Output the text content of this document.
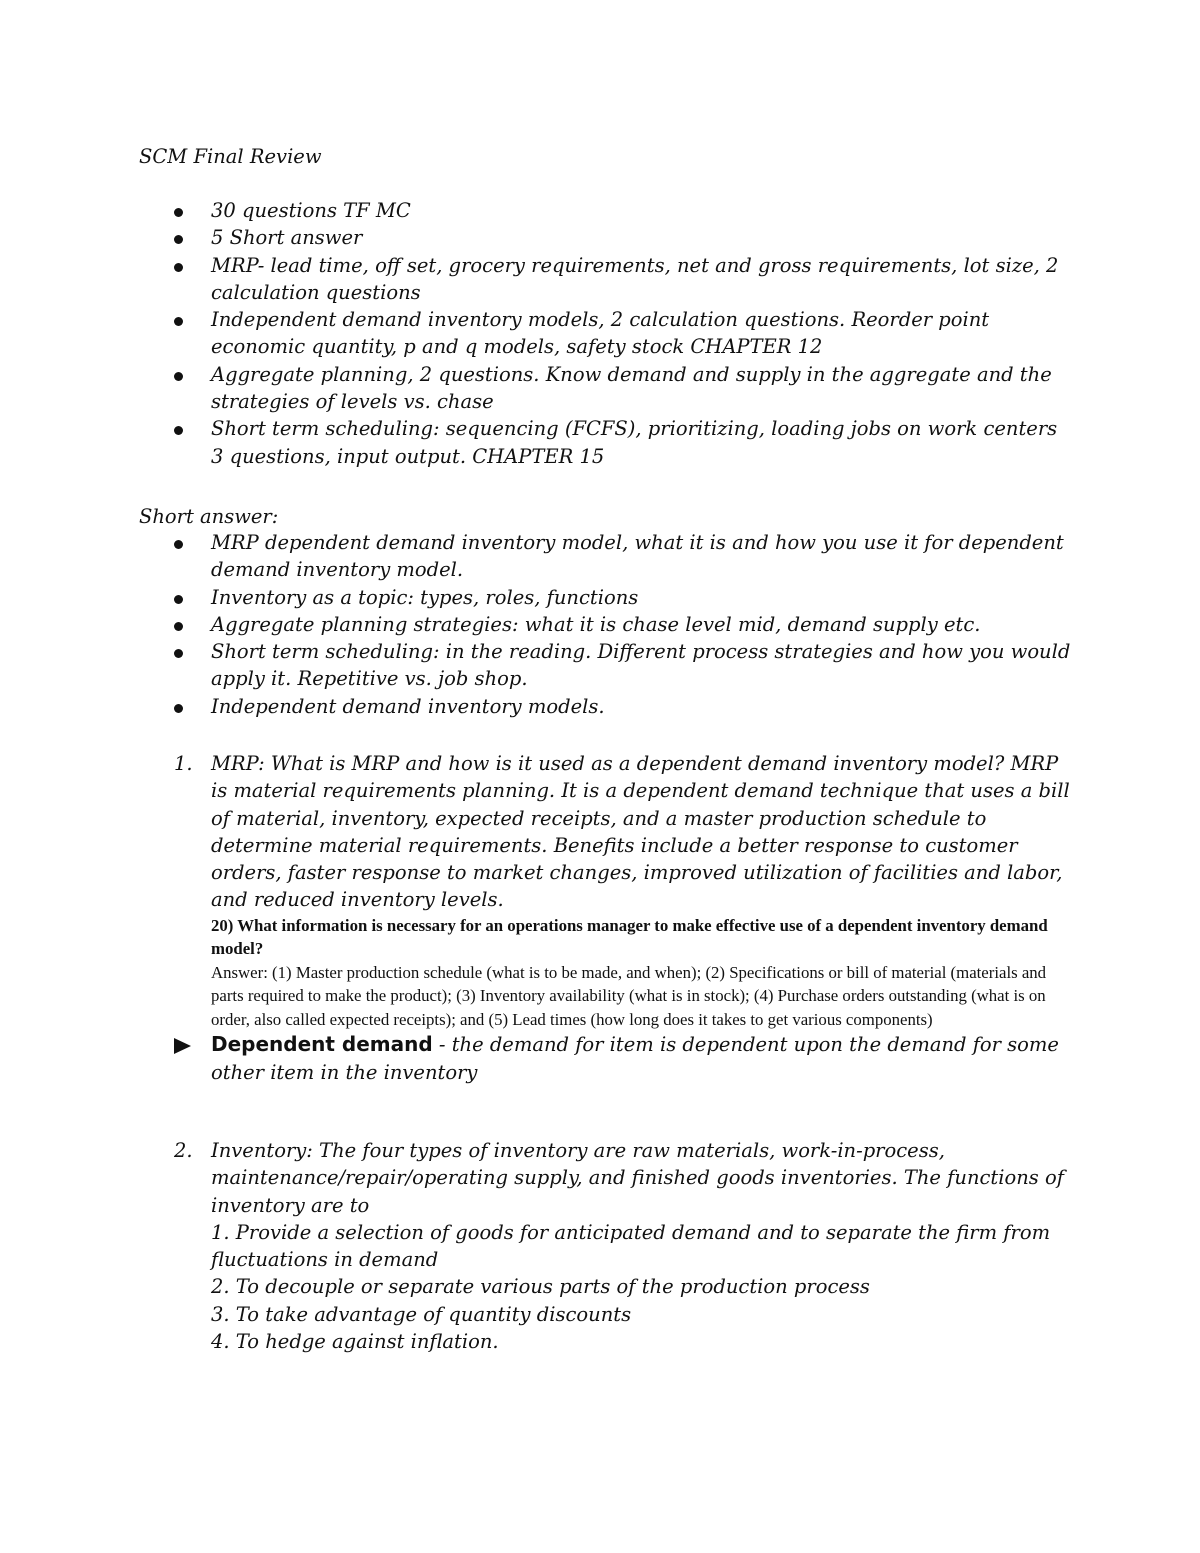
SCM Final Review
30 questions TF MC
5 Short answer
MRP- lead time, off set, grocery requirements, net and gross requirements, lot size, 2 calculation questions
Independent demand inventory models, 2 calculation questions. Reorder point economic quantity, p and q models, safety stock CHAPTER 12
Aggregate planning, 2 questions. Know demand and supply in the aggregate and the strategies of levels vs. chase
Short term scheduling: sequencing (FCFS), prioritizing, loading jobs on work centers 3 questions, input output. CHAPTER 15
Short answer:
MRP dependent demand inventory model, what it is and how you use it for dependent demand inventory model.
Inventory as a topic: types, roles, functions
Aggregate planning strategies: what it is chase level mid, demand supply etc.
Short term scheduling: in the reading. Different process strategies and how you would apply it. Repetitive vs. job shop.
Independent demand inventory models.
1. MRP: What is MRP and how is it used as a dependent demand inventory model? MRP is material requirements planning. It is a dependent demand technique that uses a bill of material, inventory, expected receipts, and a master production schedule to determine material requirements. Benefits include a better response to customer orders, faster response to market changes, improved utilization of facilities and labor, and reduced inventory levels.
20) What information is necessary for an operations manager to make effective use of a dependent inventory demand model?
Answer: (1) Master production schedule (what is to be made, and when); (2) Specifications or bill of material (materials and parts required to make the product); (3) Inventory availability (what is in stock); (4) Purchase orders outstanding (what is on order, also called expected receipts); and (5) Lead times (how long does it takes to get various components)
Dependent demand - the demand for item is dependent upon the demand for some other item in the inventory
2. Inventory: The four types of inventory are raw materials, work-in-process, maintenance/repair/operating supply, and finished goods inventories. The functions of inventory are to
1. Provide a selection of goods for anticipated demand and to separate the firm from fluctuations in demand
2. To decouple or separate various parts of the production process
3. To take advantage of quantity discounts
4. To hedge against inflation.
